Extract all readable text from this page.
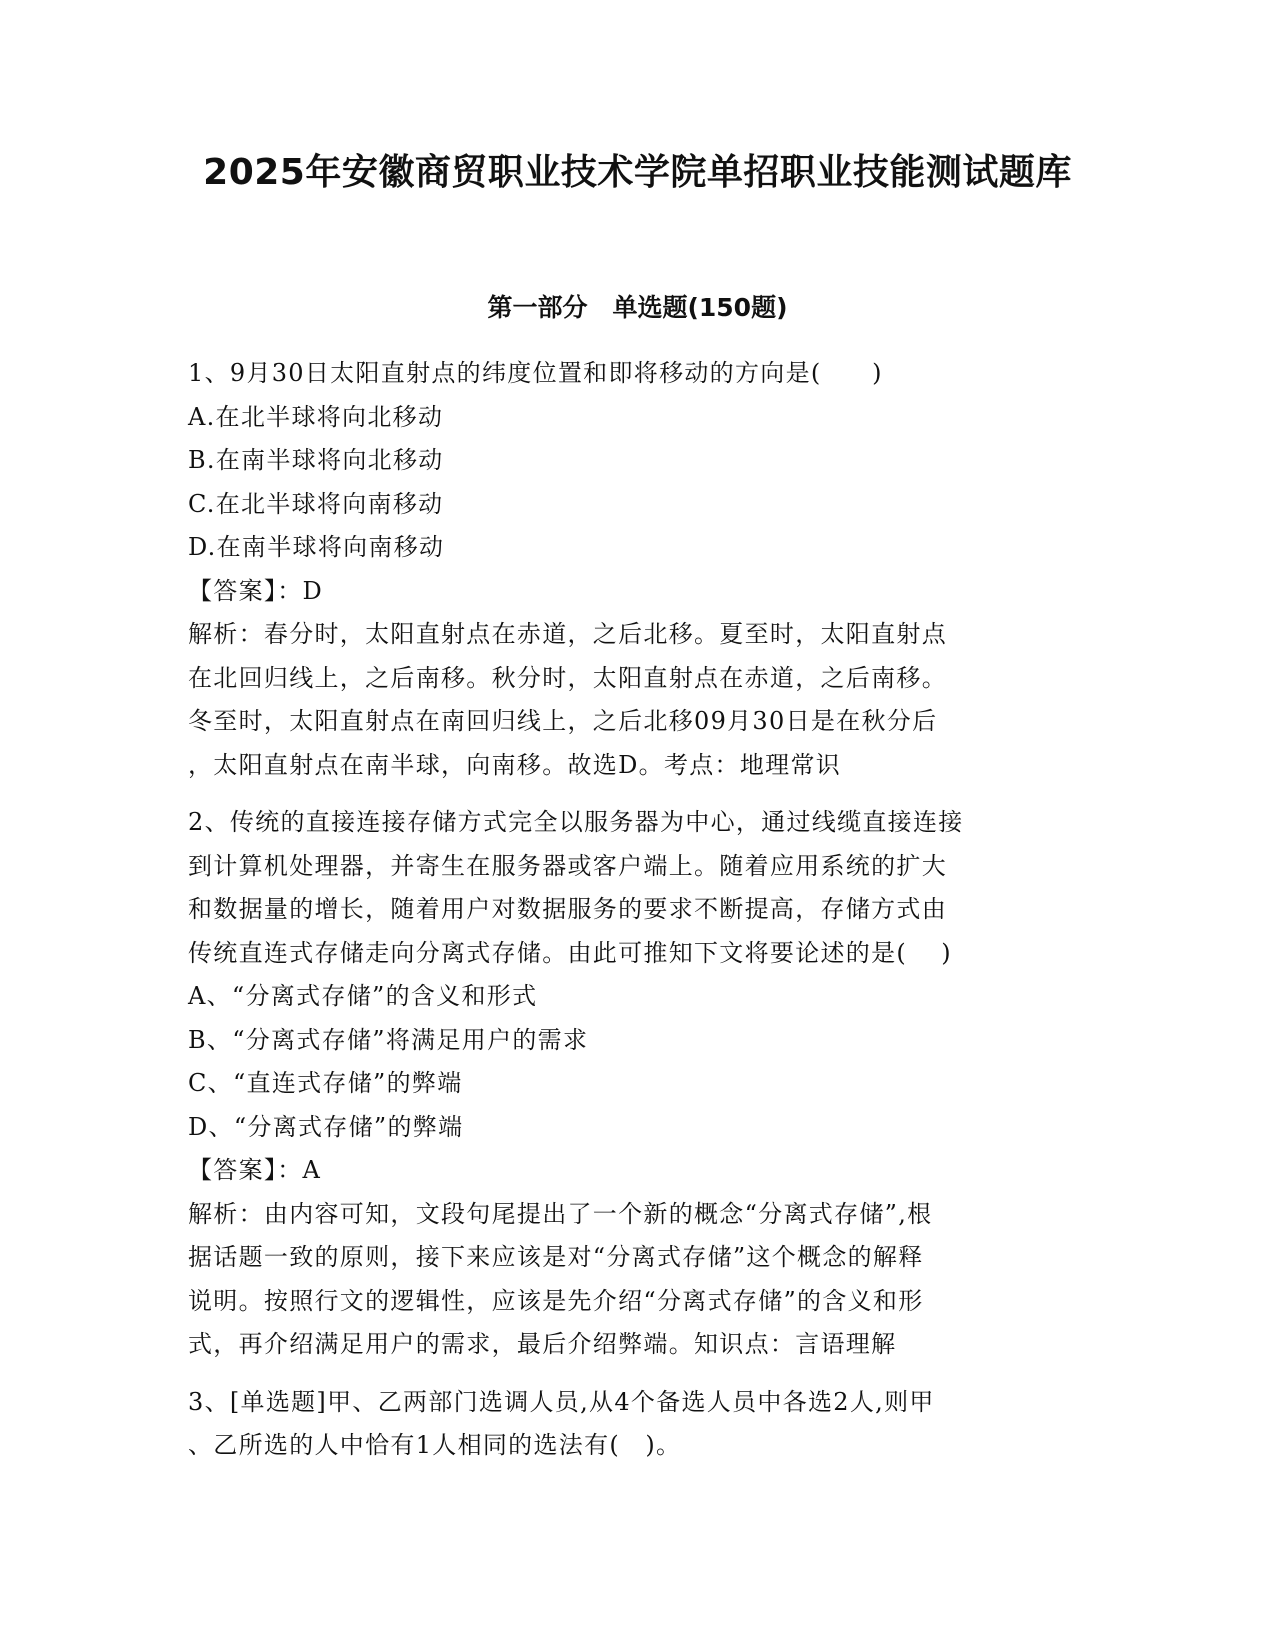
2025年安徽商贸职业技术学院单招职业技能测试题库
第一部分　单选题(150题)
1、9月30日太阳直射点的纬度位置和即将移动的方向是(　　)
A.在北半球将向北移动
B.在南半球将向北移动
C.在北半球将向南移动
D.在南半球将向南移动
【答案】：D
解析：春分时，太阳直射点在赤道，之后北移。夏至时，太阳直射点
在北回归线上，之后南移。秋分时，太阳直射点在赤道，之后南移。
冬至时，太阳直射点在南回归线上，之后北移09月30日是在秋分后
，太阳直射点在南半球，向南移。故选D。考点：地理常识
2、传统的直接连接存储方式完全以服务器为中心，通过线缆直接连接
到计算机处理器，并寄生在服务器或客户端上。随着应用系统的扩大
和数据量的增长，随着用户对数据服务的要求不断提高，存储方式由
传统直连式存储走向分离式存储。由此可推知下文将要论述的是(　 )
A、“分离式存储”的含义和形式
B、“分离式存储”将满足用户的需求
C、“直连式存储”的弊端
D、“分离式存储”的弊端
【答案】：A
解析：由内容可知，文段句尾提出了一个新的概念“分离式存储”,根
据话题一致的原则，接下来应该是对“分离式存储”这个概念的解释
说明。按照行文的逻辑性，应该是先介绍“分离式存储”的含义和形
式，再介绍满足用户的需求，最后介绍弊端。知识点：言语理解
3、[单选题]甲、乙两部门选调人员,从4个备选人员中各选2人,则甲
、乙所选的人中恰有1人相同的选法有(　)。
